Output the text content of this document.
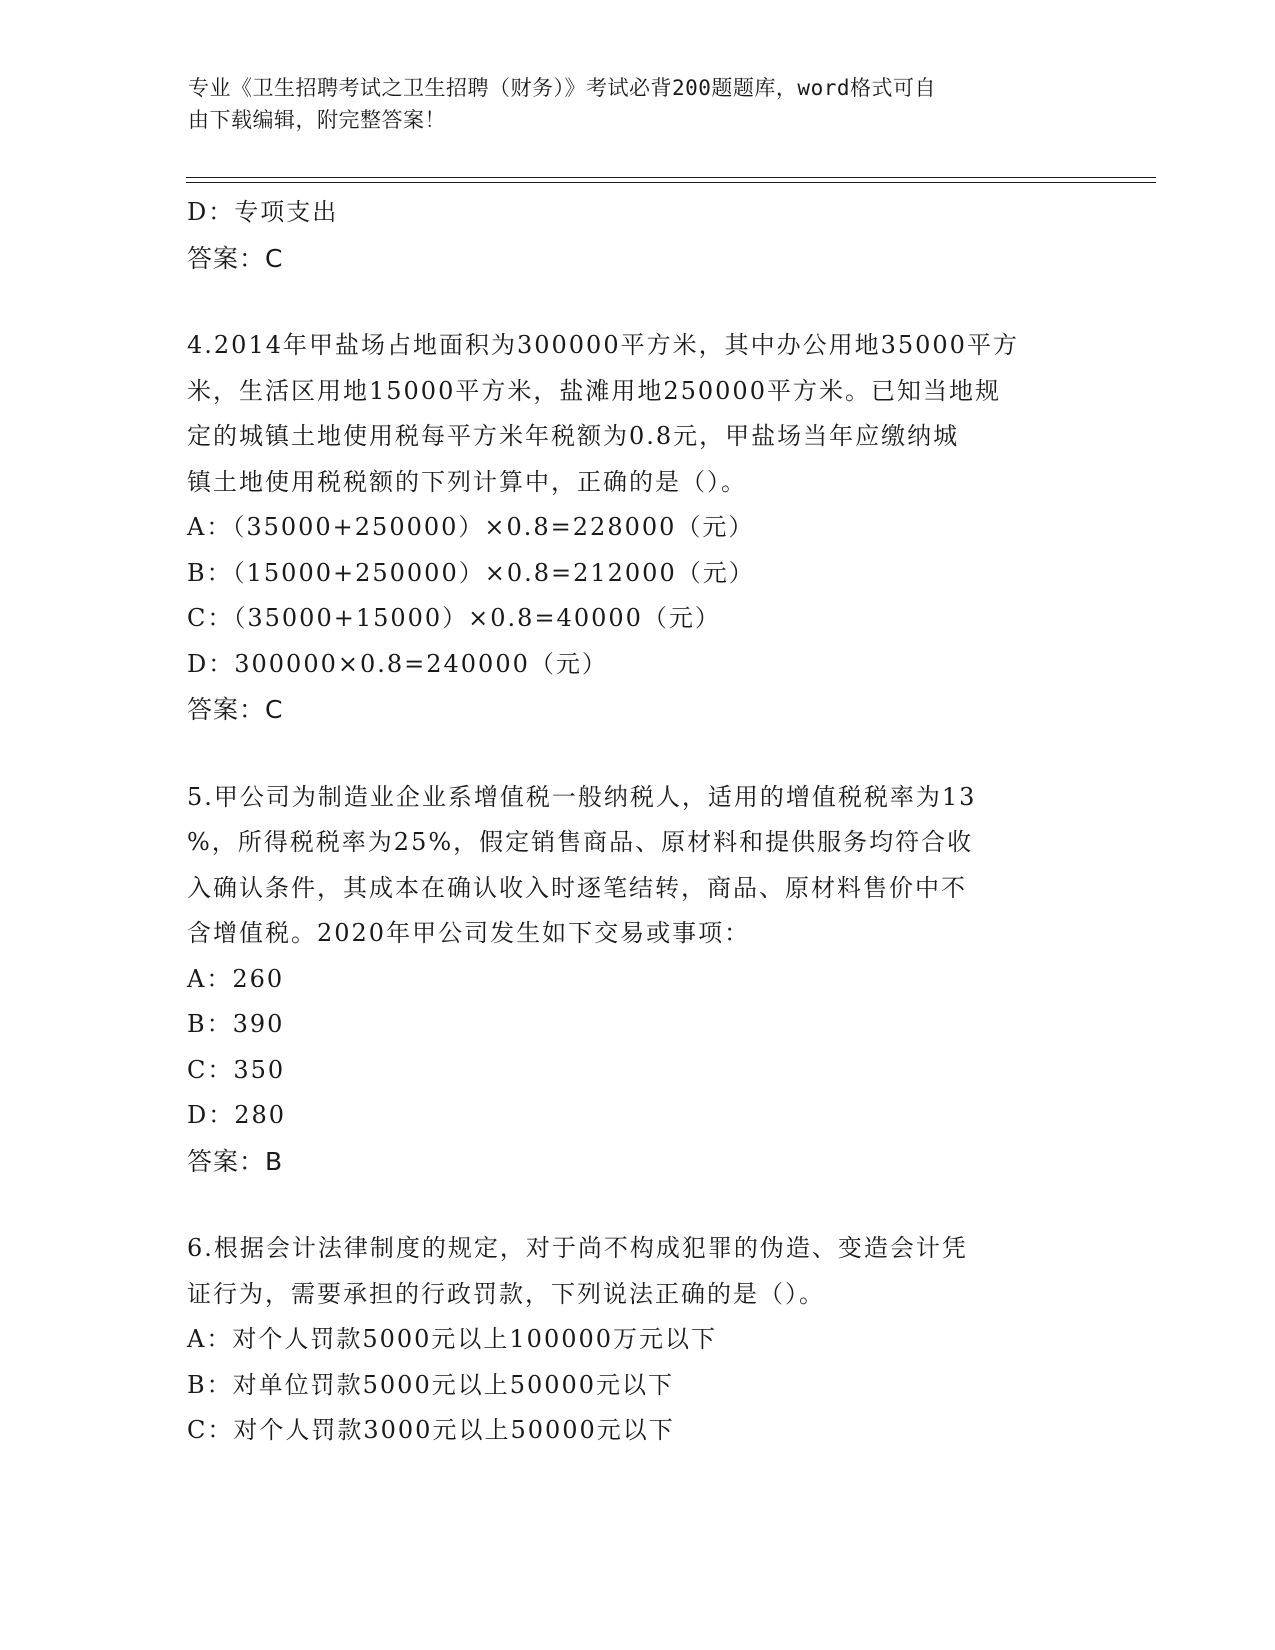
专业《卫生招聘考试之卫生招聘（财务）》考试必背200题题库，word格式可自
由下载编辑，附完整答案！
D：专项支出
答案：C
4.2014年甲盐场占地面积为300000平方米，其中办公用地35000平方
米，生活区用地15000平方米，盐滩用地250000平方米。已知当地规
定的城镇土地使用税每平方米年税额为0.8元，甲盐场当年应缴纳城
镇土地使用税税额的下列计算中，正确的是（）。
A：（35000+250000）×0.8=228000（元）
B：（15000+250000）×0.8=212000（元）
C：（35000+15000）×0.8=40000（元）
D：300000×0.8=240000（元）
答案：C
5.甲公司为制造业企业系增值税一般纳税人，适用的增值税税率为13
%，所得税税率为25%，假定销售商品、原材料和提供服务均符合收
入确认条件，其成本在确认收入时逐笔结转，商品、原材料售价中不
含增值税。2020年甲公司发生如下交易或事项：
A：260
B：390
C：350
D：280
答案：B
6.根据会计法律制度的规定，对于尚不构成犯罪的伪造、变造会计凭
证行为，需要承担的行政罚款，下列说法正确的是（）。
A：对个人罚款5000元以上100000万元以下
B：对单位罚款5000元以上50000元以下
C：对个人罚款3000元以上50000元以下
